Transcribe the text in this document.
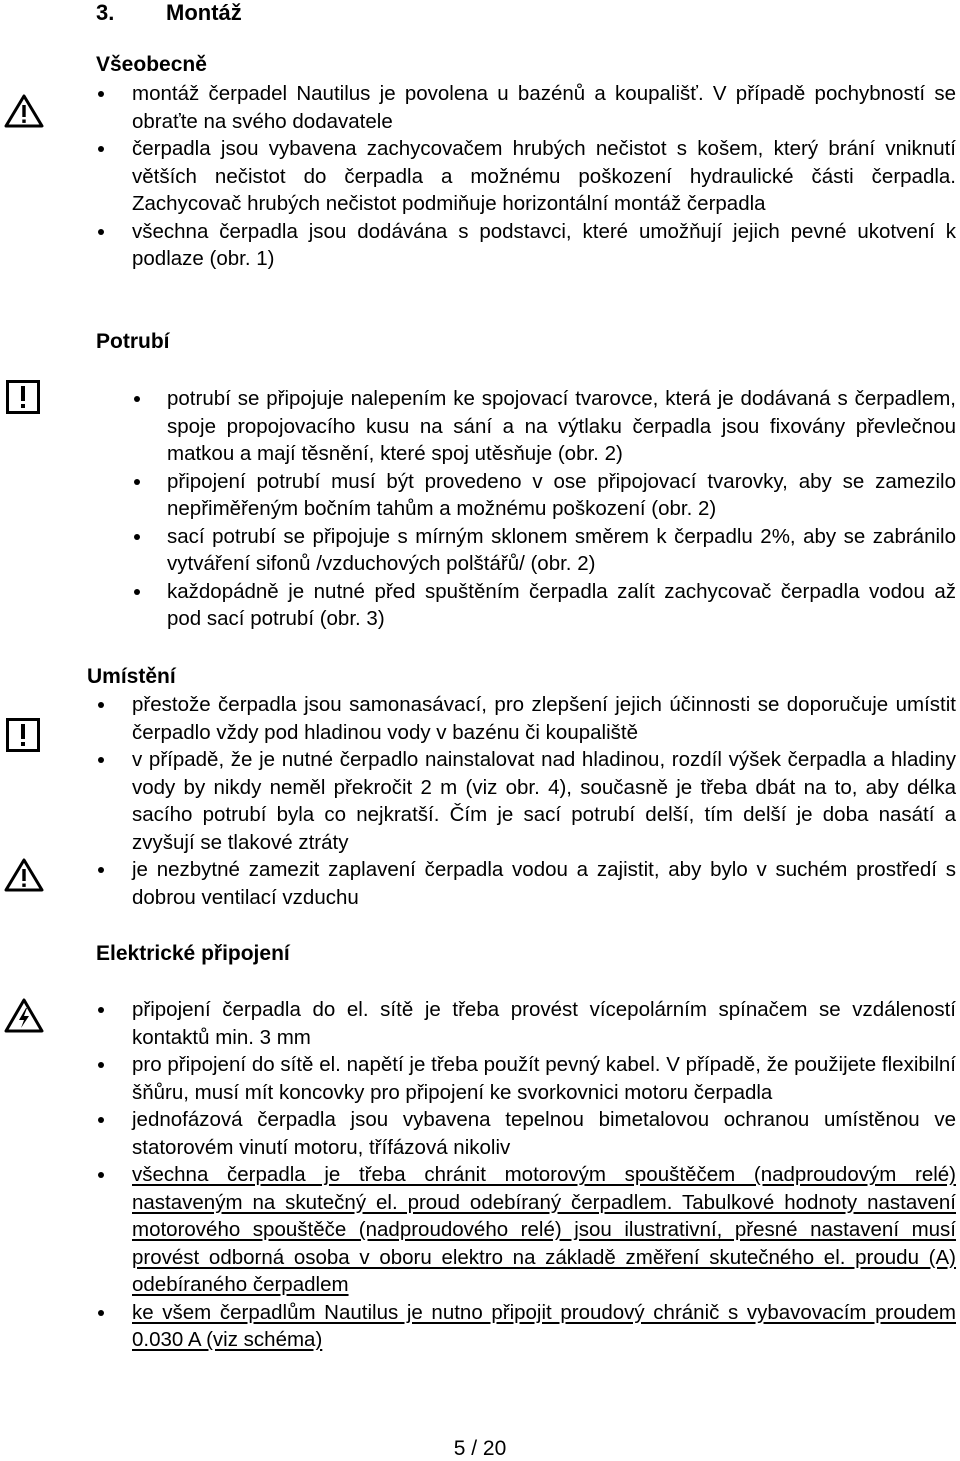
3. Montáž
Všeobecně
montáž čerpadel Nautilus je povolena u bazénů a koupališť. V případě pochybností se obraťte na svého dodavatele
čerpadla jsou vybavena zachycovačem hrubých nečistot s košem, který brání vniknutí větších nečistot do čerpadla a možnému poškození hydraulické části čerpadla. Zachycovač hrubých nečistot podmiňuje horizontální montáž čerpadla
všechna čerpadla jsou dodávána s podstavci, které umožňují jejich pevné ukotvení k podlaze (obr. 1)
Potrubí
potrubí se připojuje nalepením ke spojovací tvarovce, která je dodávaná s čerpadlem, spoje propojovacího kusu na sání a na výtlaku čerpadla jsou fixovány převlečnou matkou a mají těsnění, které spoj utěsňuje (obr. 2)
připojení potrubí musí být provedeno v ose připojovací tvarovky, aby se zamezilo nepřiměřeným bočním tahům a možnému poškození (obr. 2)
sací potrubí se připojuje s mírným sklonem směrem k čerpadlu 2%, aby se zabránilo vytváření sifonů /vzduchových polštářů/ (obr. 2)
každopádně je nutné před spuštěním čerpadla zalít zachycovač čerpadla vodou až pod sací potrubí (obr. 3)
Umístění
přestože čerpadla jsou samonasávací, pro zlepšení jejich účinnosti se doporučuje umístit čerpadlo vždy pod hladinou vody v bazénu či koupaliště
v případě, že je nutné čerpadlo nainstalovat nad hladinou, rozdíl výšek čerpadla a hladiny vody by nikdy neměl překročit 2 m (viz obr. 4), současně je třeba dbát na to, aby délka sacího potrubí byla co nejkratší. Čím je sací potrubí delší, tím delší je doba nasátí a zvyšují se tlakové ztráty
je nezbytné zamezit zaplavení čerpadla vodou a zajistit, aby bylo v suchém prostředí s dobrou ventilací vzduchu
Elektrické připojení
připojení čerpadla do el. sítě je třeba provést vícepolárním spínačem se vzdáleností kontaktů min. 3 mm
pro připojení do sítě el. napětí je třeba použít pevný kabel. V případě, že použijete flexibilní šňůru, musí mít koncovky pro připojení ke svorkovnici motoru čerpadla
jednofázová čerpadla jsou vybavena tepelnou bimetalovou ochranou umístěnou ve statorovém vinutí motoru, třífázová nikoliv
všechna čerpadla je třeba chránit motorovým spouštěčem (nadproudovým relé) nastaveným na skutečný el. proud odebíraný čerpadlem. Tabulkové hodnoty nastavení motorového spouštěče (nadproudového relé) jsou ilustrativní, přesné nastavení musí provést odborná osoba v oboru elektro na základě změření skutečného el. proudu (A) odebíraného čerpadlem
ke všem čerpadlům Nautilus je nutno připojit proudový chránič s vybavovacím proudem 0.030 A (viz schéma)
5 / 20
